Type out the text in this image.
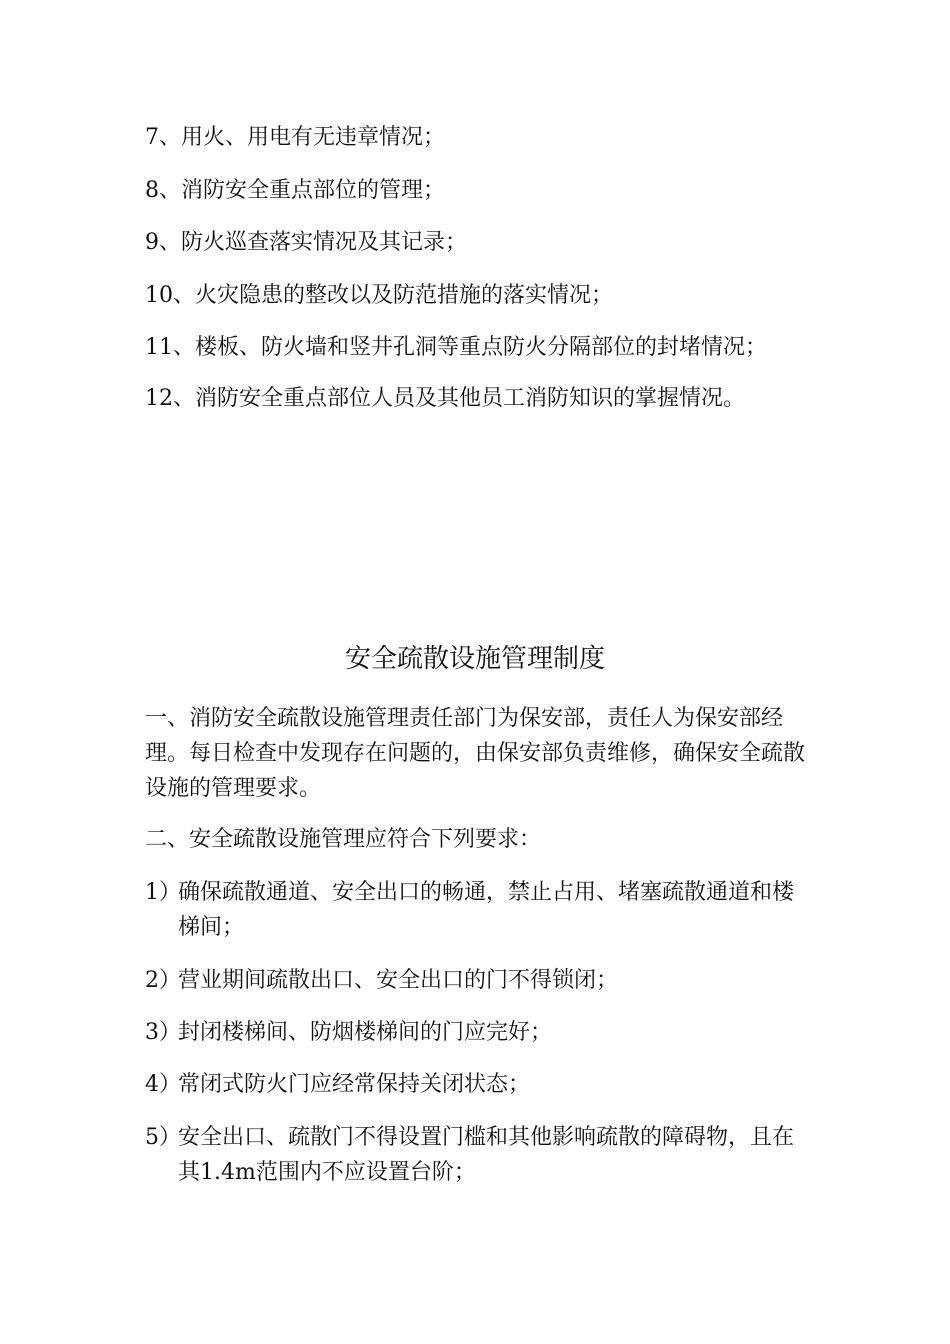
7、用火、用电有无违章情况；
8、消防安全重点部位的管理；
9、防火巡查落实情况及其记录；
10、火灾隐患的整改以及防范措施的落实情况；
11、楼板、防火墙和竖井孔洞等重点防火分隔部位的封堵情况；
12、消防安全重点部位人员及其他员工消防知识的掌握情况。
安全疏散设施管理制度
一、消防安全疏散设施管理责任部门为保安部，责任人为保安部经理。每日检查中发现存在问题的，由保安部负责维修，确保安全疏散设施的管理要求。
二、安全疏散设施管理应符合下列要求：
1）
确保疏散通道、安全出口的畅通，禁止占用、堵塞疏散通道和楼梯间；
2）
营业期间疏散出口、安全出口的门不得锁闭；
3）
封闭楼梯间、防烟楼梯间的门应完好；
4）
常闭式防火门应经常保持关闭状态；
5）
安全出口、疏散门不得设置门槛和其他影响疏散的障碍物，且在其1.4m范围内不应设置台阶；
